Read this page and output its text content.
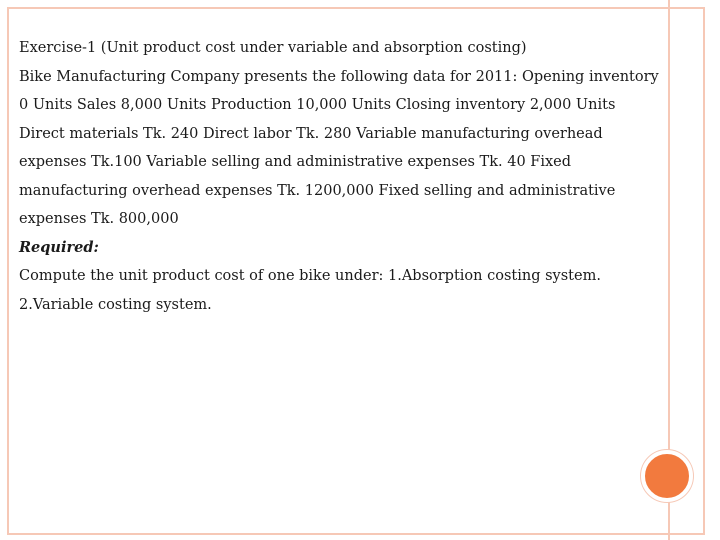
Exercise-1 (Unit product cost under variable and absorption costing)

Bike Manufacturing Company presents the following data for 2011: Opening inventory 0 Units Sales 8,000 Units Production 10,000 Units Closing inventory 2,000 Units Direct materials Tk. 240 Direct labor Tk. 280 Variable manufacturing overhead expenses Tk.100 Variable selling and administrative expenses Tk. 40 Fixed manufacturing overhead expenses Tk. 1200,000 Fixed selling and administrative expenses Tk. 800,000

Required:

Compute the unit product cost of one bike under: 1.Absorption costing system. 2.Variable costing system.
